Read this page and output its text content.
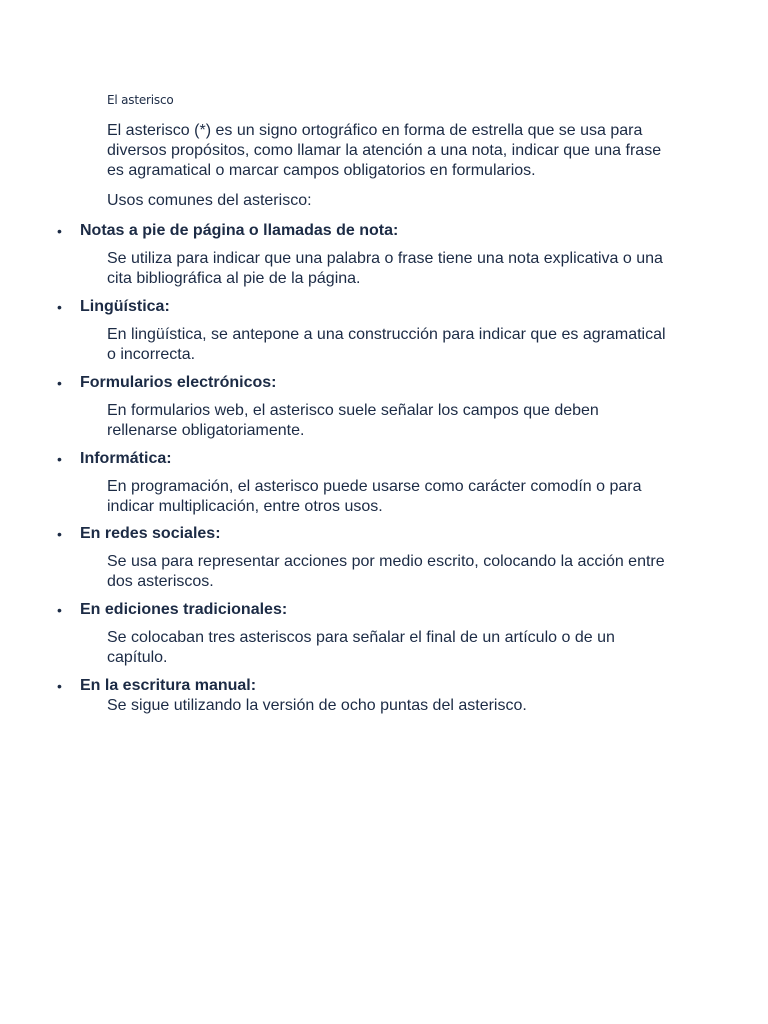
El asterisco
El asterisco (*) es un signo ortográfico en forma de estrella que se usa para diversos propósitos, como llamar la atención a una nota, indicar que una frase es agramatical o marcar campos obligatorios en formularios.
Usos comunes del asterisco:
• Notas a pie de página o llamadas de nota:
Se utiliza para indicar que una palabra o frase tiene una nota explicativa o una cita bibliográfica al pie de la página.
• Lingüística:
En lingüística, se antepone a una construcción para indicar que es agramatical o incorrecta.
• Formularios electrónicos:
En formularios web, el asterisco suele señalar los campos que deben rellenarse obligatoriamente.
• Informática:
En programación, el asterisco puede usarse como carácter comodín o para indicar multiplicación, entre otros usos.
• En redes sociales:
Se usa para representar acciones por medio escrito, colocando la acción entre dos asteriscos.
• En ediciones tradicionales:
Se colocaban tres asteriscos para señalar el final de un artículo o de un capítulo.
• En la escritura manual:
Se sigue utilizando la versión de ocho puntas del asterisco.
